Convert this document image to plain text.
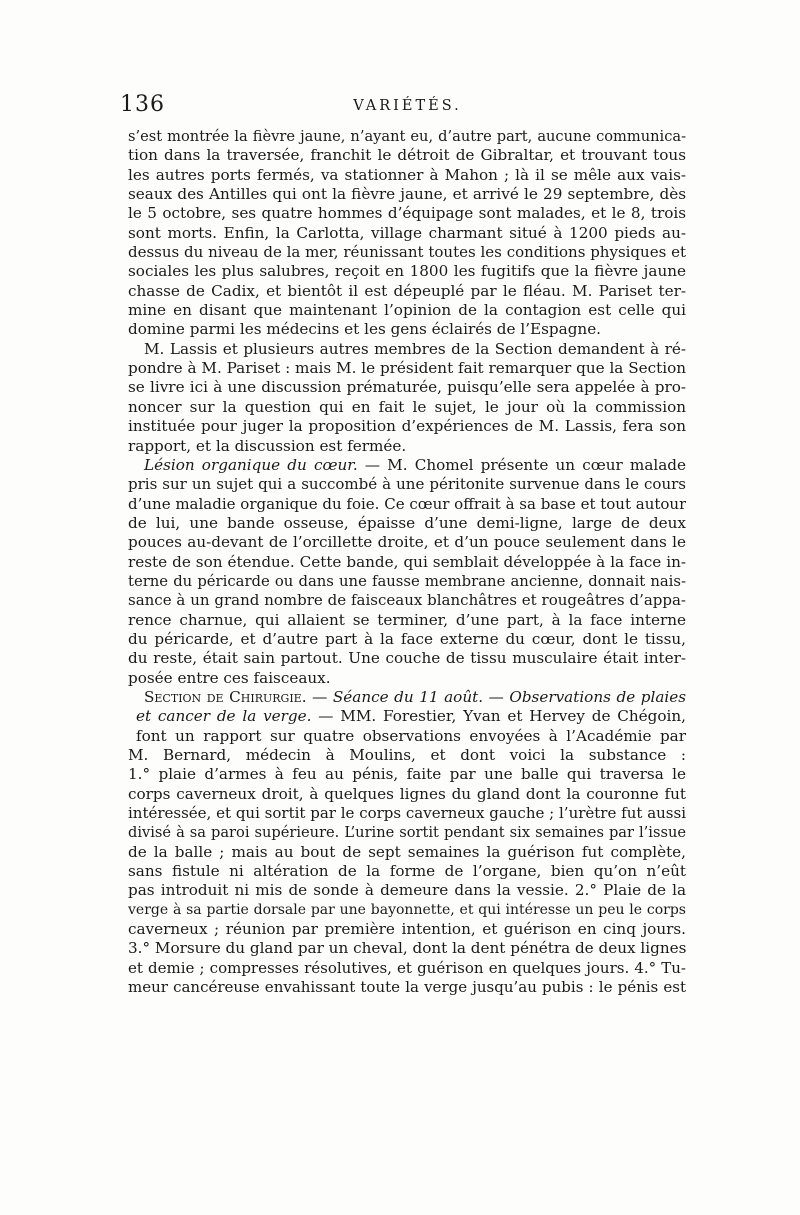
136	VARIÉTÉS.
s’est montrée la fièvre jaune, n’ayant eu, d’autre part, aucune communica-
tion dans la traversée, franchit le détroit de Gibraltar, et trouvant tous
les autres ports fermés, va stationner à Mahon ; là il se mêle aux vais-
seaux des Antilles qui ont la fièvre jaune, et arrivé le 29 septembre, dès
le 5 octobre, ses quatre hommes d’équipage sont malades, et le 8, trois
sont morts. Enfin, la Carlotta, village charmant situé à 1200 pieds au-
dessus du niveau de la mer, réunissant toutes les conditions physiques et
sociales les plus salubres, reçoit en 1800 les fugitifs que la fièvre jaune
chasse de Cadix, et bientôt il est dépeuplé par le fléau. M. Pariset ter-
mine en disant que maintenant l’opinion de la contagion est celle qui
domine parmi les médecins et les gens éclairés de l’Espagne.
M. Lassis et plusieurs autres membres de la Section demandent à ré-
pondre à M. Pariset : mais M. le président fait remarquer que la Section
se livre ici à une discussion prématurée, puisqu’elle sera appelée à pro-
noncer sur la question qui en fait le sujet, le jour où la commission
instituée pour juger la proposition d’expériences de M. Lassis, fera son
rapport, et la discussion est fermée.
Lésion organique du cœur. — M. Chomel présente un cœur malade
pris sur un sujet qui a succombé à une péritonite survenue dans le cours
d’une maladie organique du foie. Ce cœur offrait à sa base et tout autour
de lui, une bande osseuse, épaisse d’une demi-ligne, large de deux
pouces au-devant de l’orcillette droite, et d’un pouce seulement dans le
reste de son étendue. Cette bande, qui semblait développée à la face in-
terne du péricarde ou dans une fausse membrane ancienne, donnait nais-
sance à un grand nombre de faisceaux blanchâtres et rougeâtres d’appa-
rence charnue, qui allaient se terminer, d’une part, à la face interne
du péricarde, et d’autre part à la face externe du cœur, dont le tissu,
du reste, était sain partout. Une couche de tissu musculaire était inter-
posée entre ces faisceaux.
Section de Chirurgie. — Séance du 11 août. — Observations de plaies
et cancer de la verge. — MM. Forestier, Yvan et Hervey de Chégoin,
font un rapport sur quatre observations envoyées à l’Académie par
M. Bernard, médecin à Moulins, et dont voici la substance :
1.° plaie d’armes à feu au pénis, faite par une balle qui traversa le
corps caverneux droit, à quelques lignes du gland dont la couronne fut
intéressée, et qui sortit par le corps caverneux gauche ; l’urètre fut aussi
divisé à sa paroi supérieure. L’urine sortit pendant six semaines par l’issue
de la balle ; mais au bout de sept semaines la guérison fut complète,
sans fistule ni altération de la forme de l’organe, bien qu’on n’eût
pas introduit ni mis de sonde à demeure dans la vessie. 2.° Plaie de la
verge à sa partie dorsale par une bayonnette, et qui intéresse un peu le corps
caverneux ; réunion par première intention, et guérison en cinq jours.
3.° Morsure du gland par un cheval, dont la dent pénétra de deux lignes
et demie ; compresses résolutives, et guérison en quelques jours. 4.° Tu-
meur cancéreuse envahissant toute la verge jusqu’au pubis : le pénis est
